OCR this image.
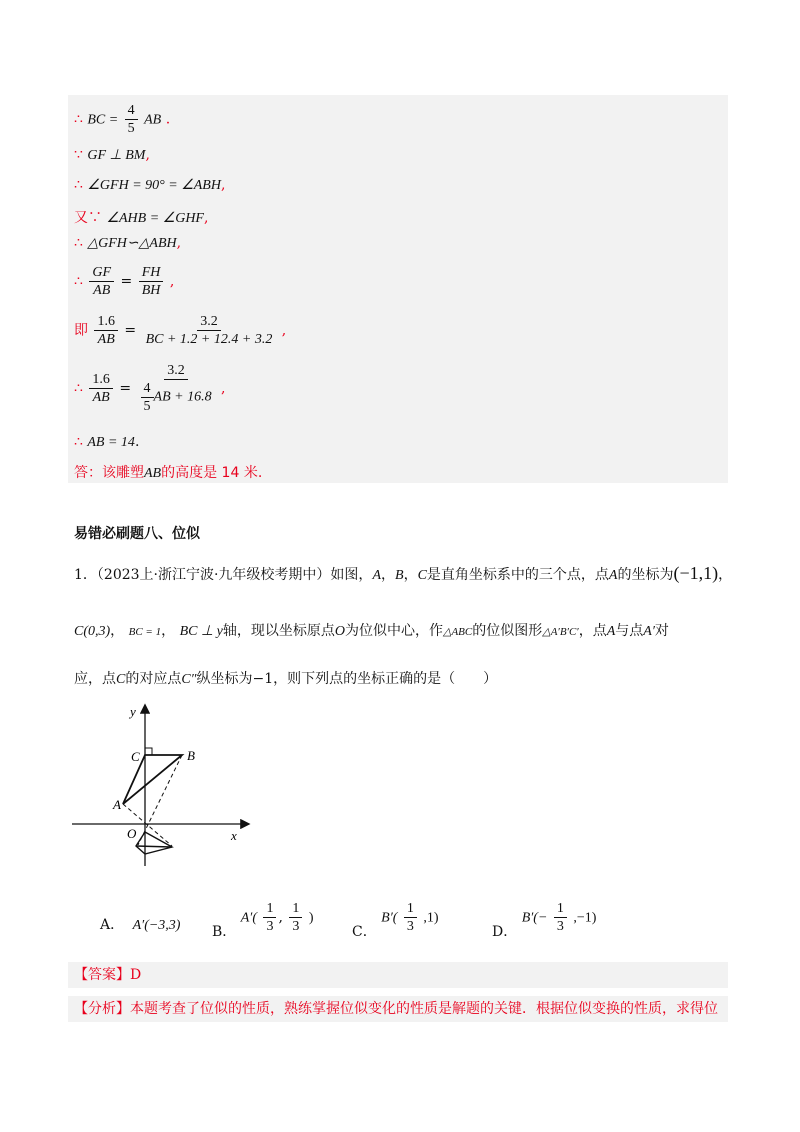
∴ BC = $\frac{4}{5}$ AB .
∵ GF ⊥ BM,
∴ ∠GFH = 90° = ∠ABH,
又∵ ∠AHB = ∠GHF,
∴ △GFH∽△ABH,
∴ $\frac{GF}{AB} = \frac{FH}{BH}$ ,
即 $\frac{1.6}{AB} = \frac{3.2}{BC + 1.2 + 12.4 + 3.2}$ ,
∴ $\frac{1.6}{AB} = \frac{3.2}{\frac{4}{5} AB + 16.8}$ ,
∴ AB = 14.
答：该雕塑AB的高度是 14 米.
易错必刷题八、位似
1．（2023上·浙江宁波·九年级校考期中）如图，A，B，C是直角坐标系中的三个点，点A的坐标为(−1,1)，
C(0,3)， BC = 1， BC ⊥ y轴，现以坐标原点O为位似中心，作△ABC的位似图形△A′B′C′，点A与点A′对
应，点C的对应点C″纵坐标为−1，则下列点的坐标正确的是（　　）
y
x
C	B
A
O
A． A′(−3,3) B． $A'( \frac{1}{3}$ , $\frac{1}{3}$ )
C． $B'( \frac{1}{3} ,1)$
D． $B'(- \frac{1}{3} ,-1)$
【答案】D
【分析】本题考查了位似的性质，熟练掌握位似变化的性质是解题的关键．根据位似变换的性质，求得位
